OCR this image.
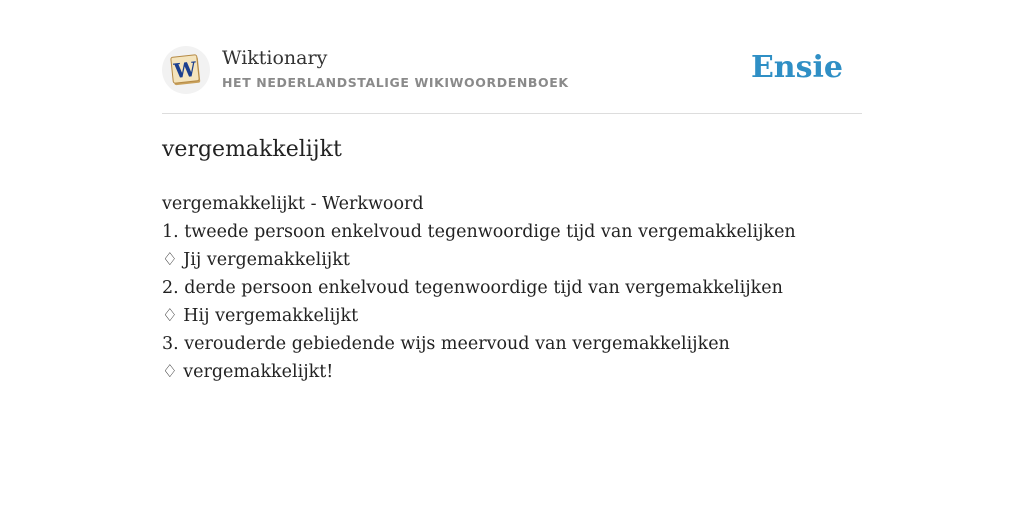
W Wiktionary
HET NEDERLANDSTALIGE WIKIWOORDENBOEK	Ensie
vergemakkelijkt
vergemakkelijkt - Werkwoord
1. tweede persoon enkelvoud tegenwoordige tijd van vergemakkelijken
♢ Jij vergemakkelijkt
2. derde persoon enkelvoud tegenwoordige tijd van vergemakkelijken
♢ Hij vergemakkelijkt
3. verouderde gebiedende wijs meervoud van vergemakkelijken
♢ vergemakkelijkt!
